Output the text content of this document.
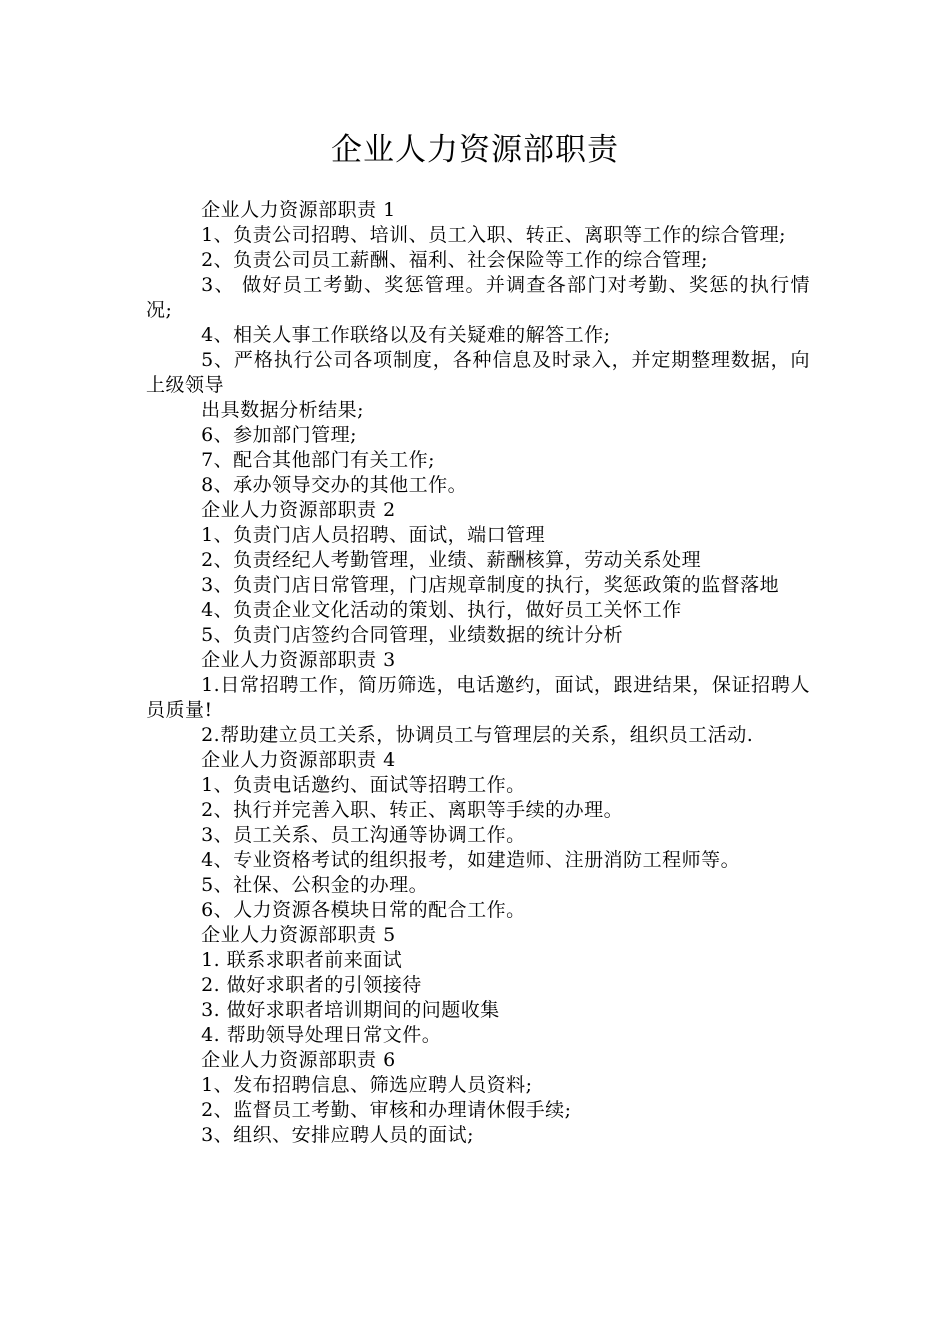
企业人力资源部职责

企业人力资源部职责 1

1、负责公司招聘、培训、员工入职、转正、离职等工作的综合管理;

2、负责公司员工薪酬、福利、社会保险等工作的综合管理;

3、 做好员工考勤、奖惩管理。并调查各部门对考勤、奖惩的执行情况;

4、相关人事工作联络以及有关疑难的解答工作;

5、严格执行公司各项制度，各种信息及时录入，并定期整理数据，向上级领导

出具数据分析结果;

6、参加部门管理;

7、配合其他部门有关工作;

8、承办领导交办的其他工作。

企业人力资源部职责 2

1、负责门店人员招聘、面试，端口管理

2、负责经纪人考勤管理，业绩、薪酬核算，劳动关系处理

3、负责门店日常管理，门店规章制度的执行，奖惩政策的监督落地

4、负责企业文化活动的策划、执行，做好员工关怀工作

5、负责门店签约合同管理，业绩数据的统计分析

企业人力资源部职责 3

1.日常招聘工作，简历筛选，电话邀约，面试，跟进结果，保证招聘人员质量!

2.帮助建立员工关系，协调员工与管理层的关系，组织员工活动.

企业人力资源部职责 4

1、负责电话邀约、面试等招聘工作。

2、执行并完善入职、转正、离职等手续的办理。

3、员工关系、员工沟通等协调工作。

4、专业资格考试的组织报考，如建造师、注册消防工程师等。

5、社保、公积金的办理。

6、人力资源各模块日常的配合工作。

企业人力资源部职责 5

1. 联系求职者前来面试

2. 做好求职者的引领接待

3. 做好求职者培训期间的问题收集

4. 帮助领导处理日常文件。

企业人力资源部职责 6

1、发布招聘信息、筛选应聘人员资料;

2、监督员工考勤、审核和办理请休假手续;

3、组织、安排应聘人员的面试;
